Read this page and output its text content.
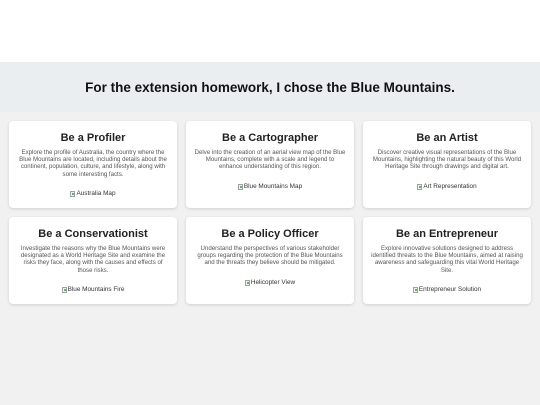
Harrison A's Project on World Heritage Sites
For the extension homework, I chose the Blue Mountains.
Be a Profiler

Explore the profile of Australia, the country where the Blue Mountains are located, including details about the continent, population, culture, and lifestyle, along with some interesting facts.

Australia Map
Be a Cartographer

Delve into the creation of an aerial view map of the Blue Mountains, complete with a scale and legend to enhance understanding of this region.

Blue Mountains Map
Be an Artist

Discover creative visual representations of the Blue Mountains, highlighting the natural beauty of this World Heritage Site through drawings and digital art.

Art Representation
Be a Conservationist

Investigate the reasons why the Blue Mountains were designated as a World Heritage Site and examine the risks they face, along with the causes and effects of those risks.

Blue Mountains Fire
Be a Policy Officer

Understand the perspectives of various stakeholder groups regarding the protection of the Blue Mountains and the threats they believe should be mitigated.

Helicopter View
Be an Entrepreneur

Explore innovative solutions designed to address identified threats to the Blue Mountains, aimed at raising awareness and safeguarding this vital World Heritage Site.

Entrepreneur Solution
